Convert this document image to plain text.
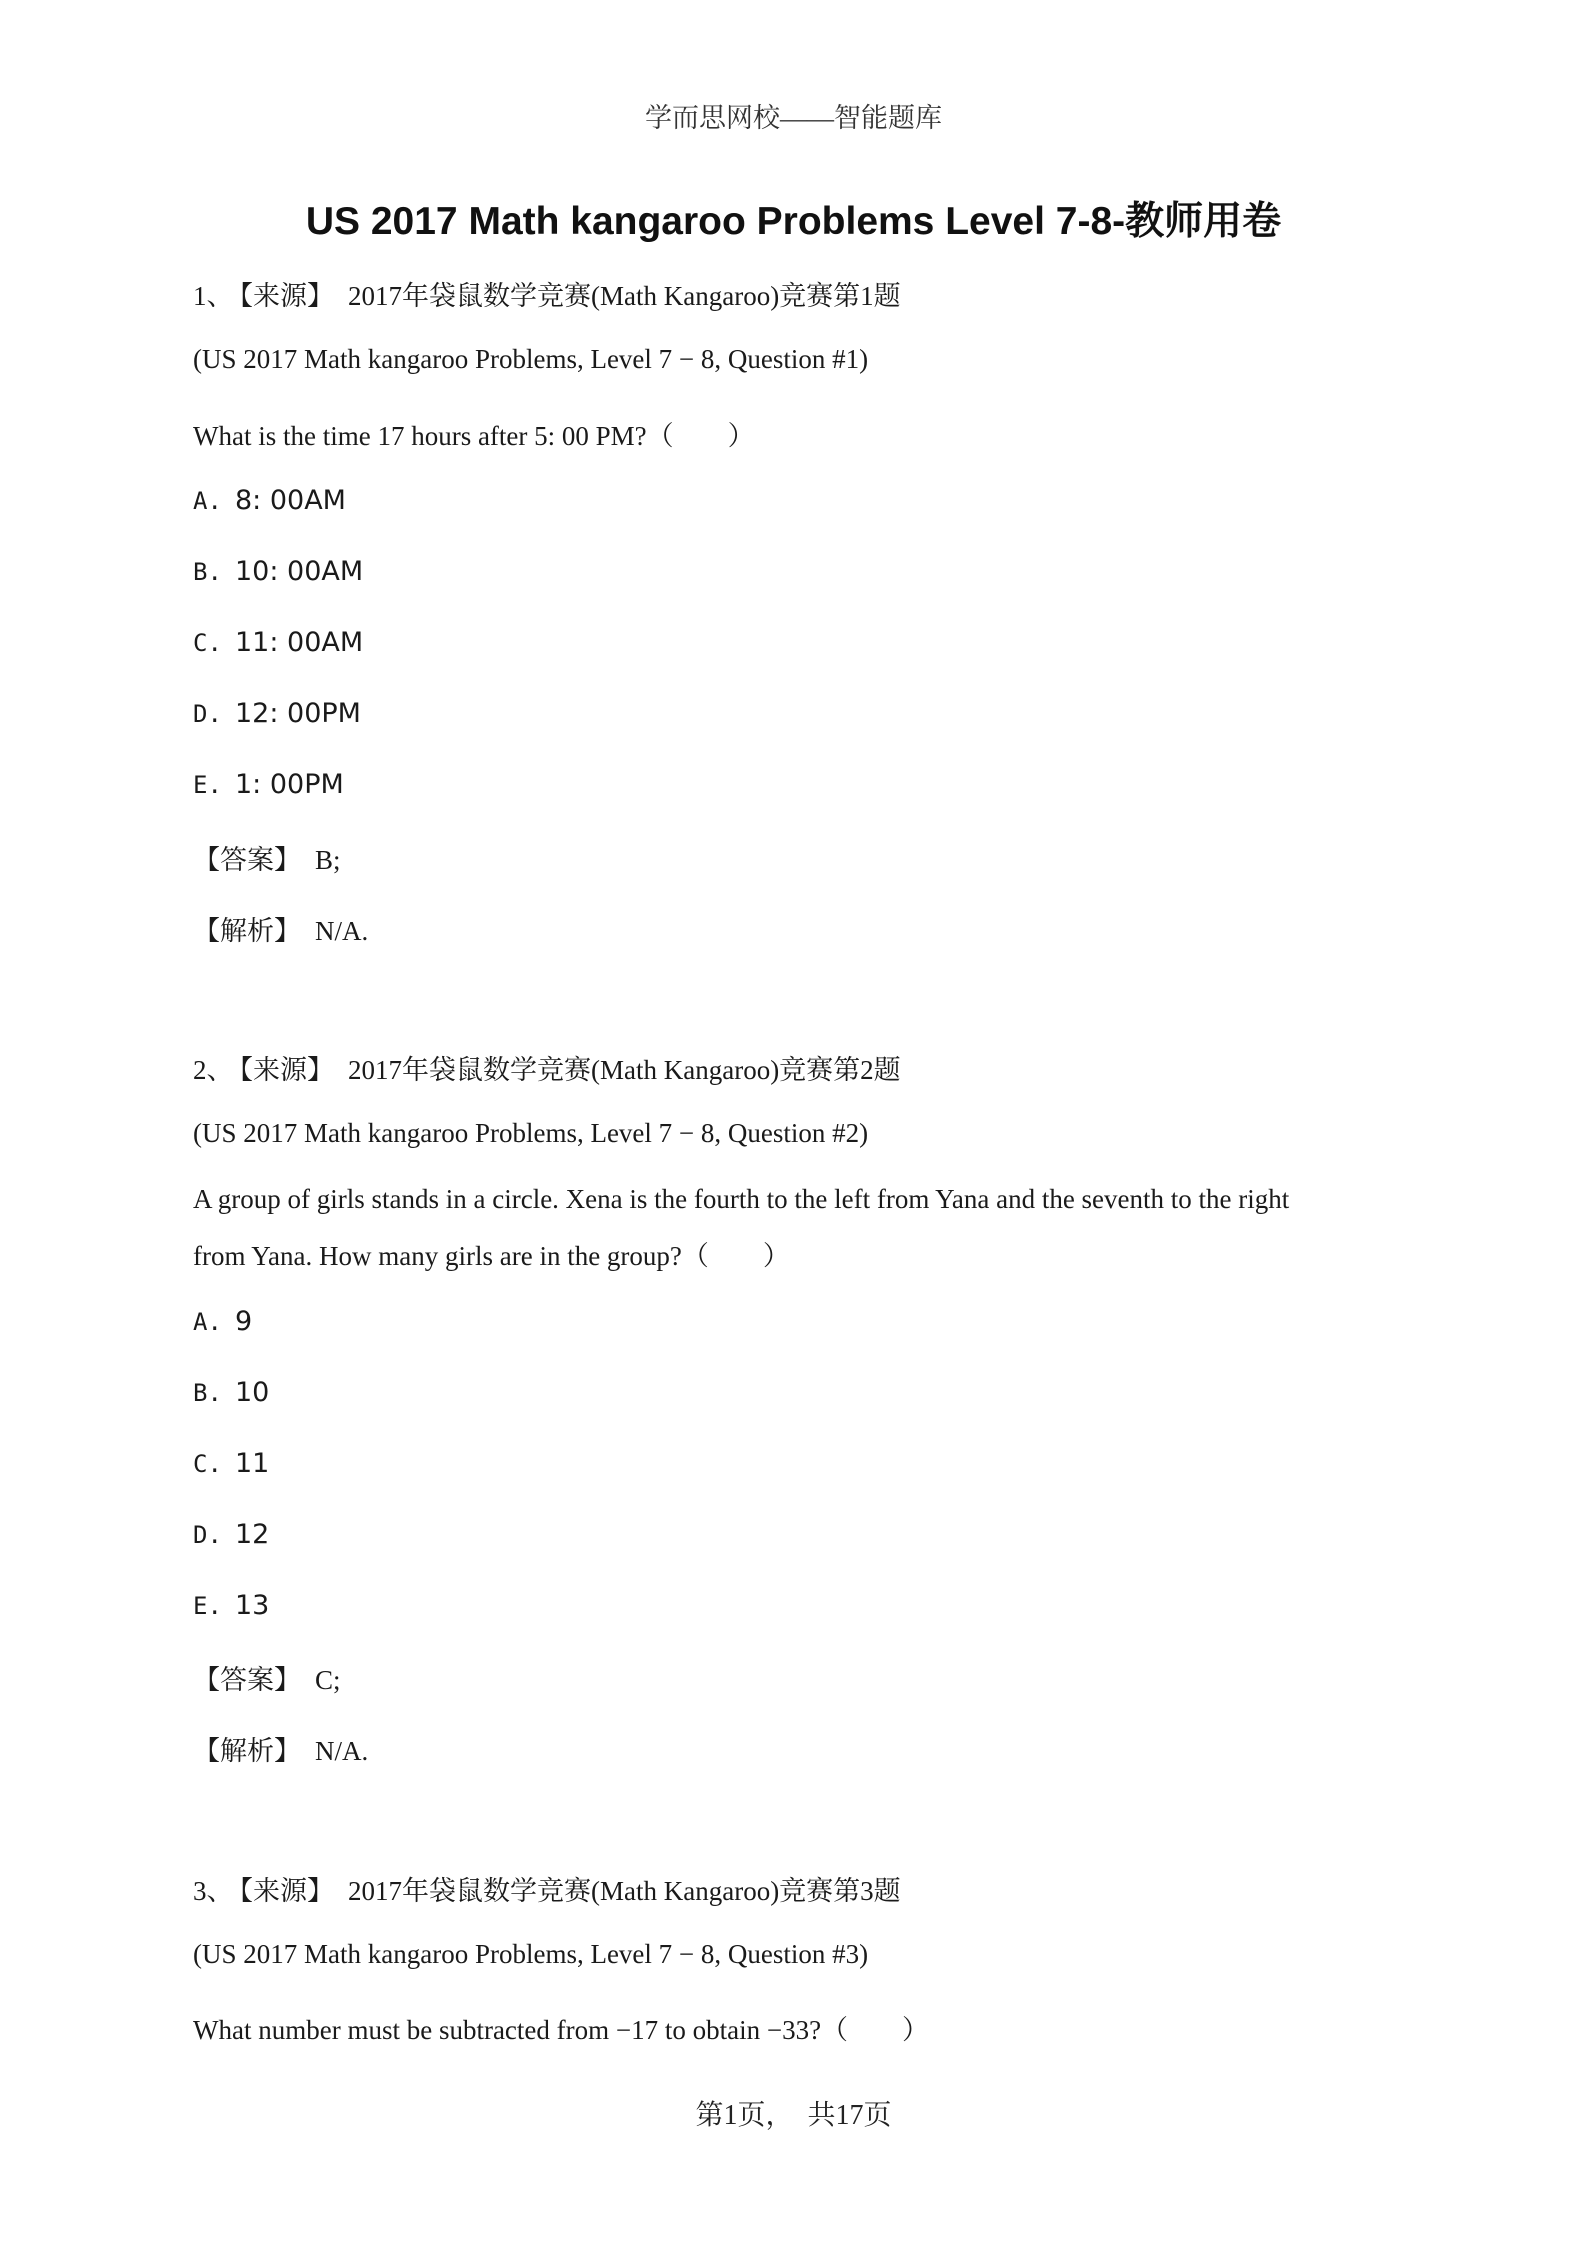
学而思网校——智能题库
US 2017 Math kangaroo Problems Level 7-8-教师用卷
1、 【来源】 2017年袋鼠数学竞赛(Math Kangaroo)竞赛第1题
(US 2017 Math kangaroo Problems, Level 7 − 8, Question #1)
What is the time 17 hours after 5: 00 PM?（　　）
A. 8: 00AM
B. 10: 00AM
C. 11: 00AM
D. 12: 00PM
E. 1: 00PM
【答案】 B;
【解析】 N/A.
2、 【来源】 2017年袋鼠数学竞赛(Math Kangaroo)竞赛第2题
(US 2017 Math kangaroo Problems, Level 7 − 8, Question #2)
A group of girls stands in a circle. Xena is the fourth to the left from Yana and the seventh to the right
from Yana. How many girls are in the group?（　　）
A. 9
B. 10
C. 11
D. 12
E. 13
【答案】 C;
【解析】 N/A.
3、 【来源】 2017年袋鼠数学竞赛(Math Kangaroo)竞赛第3题
(US 2017 Math kangaroo Problems, Level 7 − 8, Question #3)
What number must be subtracted from −17 to obtain −33?（　　）
第1页，　共17页
